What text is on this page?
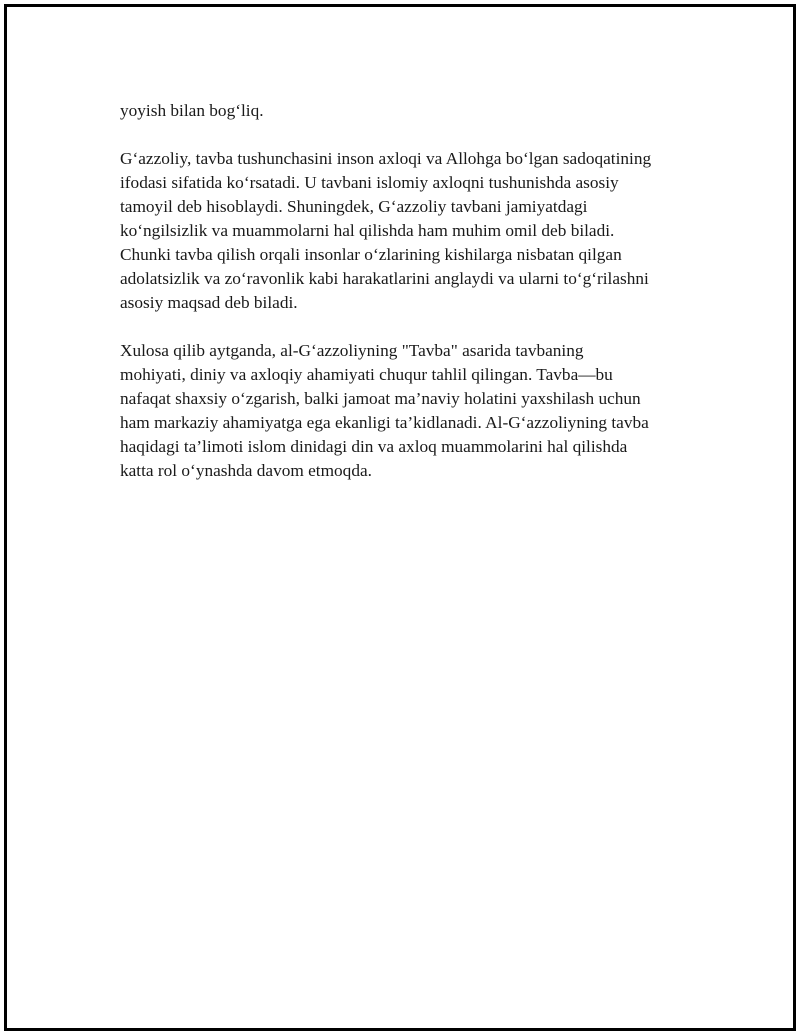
yoyish bilan bog‘liq.

G‘azzoliy, tavba tushunchasini inson axloqi va Allohga bo‘lgan sadoqatining
ifodasi sifatida ko‘rsatadi. U tavbani islomiy axloqni tushunishda asosiy
tamoyil deb hisoblaydi. Shuningdek, G‘azzoliy tavbani jamiyatdagi
ko‘ngilsizlik va muammolarni hal qilishda ham muhim omil deb biladi.
Chunki tavba qilish orqali insonlar o‘zlarining kishilarga nisbatan qilgan
adolatsizlik va zo‘ravonlik kabi harakatlarini anglaydi va ularni to‘g‘rilashni
asosiy maqsad deb biladi.

Xulosa qilib aytganda, al-G‘azzoliyning "Tavba" asarida tavbaning
mohiyati, diniy va axloqiy ahamiyati chuqur tahlil qilingan. Tavba—bu
nafaqat shaxsiy o‘zgarish, balki jamoat ma’naviy holatini yaxshilash uchun
ham markaziy ahamiyatga ega ekanligi ta’kidlanadi. Al-G‘azzoliyning tavba
haqidagi ta’limoti islom dinidagi din va axloq muammolarini hal qilishda
katta rol o‘ynashda davom etmoqda.
